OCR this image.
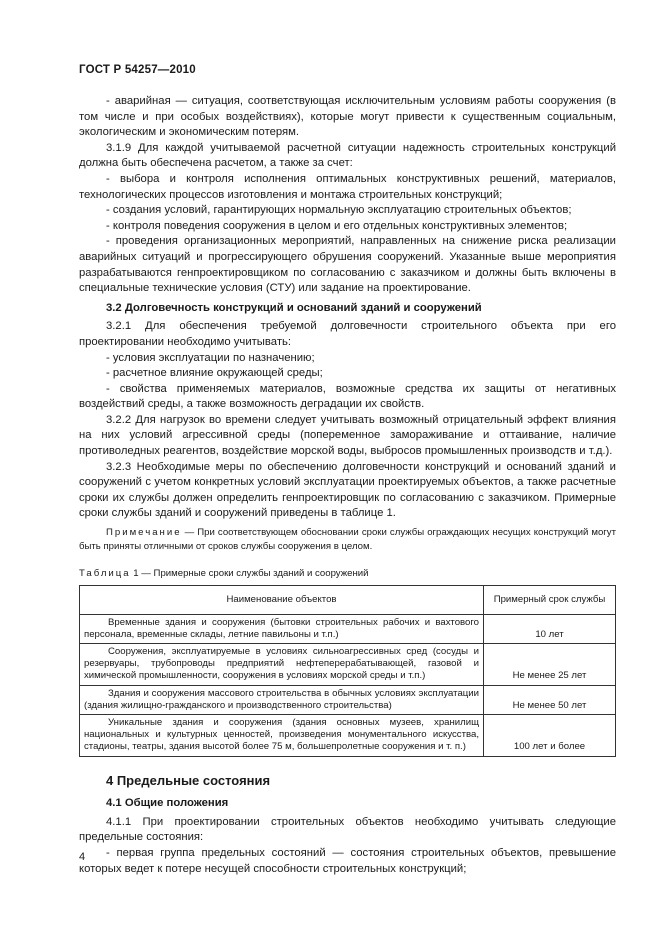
ГОСТ Р 54257—2010

- аварийная — ситуация, соответствующая исключительным условиям работы сооружения (в том числе и при особых воздействиях), которые могут привести к существенным социальным, экологическим и экономическим потерям.

3.1.9 Для каждой учитываемой расчетной ситуации надежность строительных конструкций должна быть обеспечена расчетом, а также за счет:

- выбора и контроля исполнения оптимальных конструктивных решений, материалов, технологических процессов изготовления и монтажа строительных конструкций;

- создания условий, гарантирующих нормальную эксплуатацию строительных объектов;

- контроля поведения сооружения в целом и его отдельных конструктивных элементов;

- проведения организационных мероприятий, направленных на снижение риска реализации аварийных ситуаций и прогрессирующего обрушения сооружений. Указанные выше мероприятия разрабатываются генпроектировщиком по согласованию с заказчиком и должны быть включены в специальные технические условия (СТУ) или задание на проектирование.

3.2 Долговечность конструкций и оснований зданий и сооружений

3.2.1 Для обеспечения требуемой долговечности строительного объекта при его проектировании необходимо учитывать:

- условия эксплуатации по назначению;

- расчетное влияние окружающей среды;

- свойства применяемых материалов, возможные средства их защиты от негативных воздействий среды, а также возможность деградации их свойств.

3.2.2 Для нагрузок во времени следует учитывать возможный отрицательный эффект влияния на них условий агрессивной среды (попеременное замораживание и оттаивание, наличие противоледных реагентов, воздействие морской воды, выбросов промышленных производств и т.д.).

3.2.3 Необходимые меры по обеспечению долговечности конструкций и оснований зданий и сооружений с учетом конкретных условий эксплуатации проектируемых объектов, а также расчетные сроки их службы должен определить генпроектировщик по согласованию с заказчиком. Примерные сроки службы зданий и сооружений приведены в таблице 1.

Примечание — При соответствующем обосновании сроки службы ограждающих несущих конструкций могут быть приняты отличными от сроков службы сооружения в целом.

Таблица 1 — Примерные сроки службы зданий и сооружений

Наименование объектов	Примерный срок службы
Временные здания и сооружения (бытовки строительных рабочих и вахтового персонала, временные склады, летние павильоны и т.п.)	10 лет
Сооружения, эксплуатируемые в условиях сильноагрессивных сред (сосуды и резервуары, трубопроводы предприятий нефтеперерабатывающей, газовой и химической промышленности, сооружения в условиях морской среды и т.п.)	Не менее 25 лет
Здания и сооружения массового строительства в обычных условиях эксплуатации (здания жилищно-гражданского и производственного строительства)	Не менее 50 лет
Уникальные здания и сооружения (здания основных музеев, хранилищ национальных и культурных ценностей, произведения монументального искусства, стадионы, театры, здания высотой более 75 м, большепролетные сооружения и т. п.)	100 лет и более

4 Предельные состояния

4.1 Общие положения

4.1.1 При проектировании строительных объектов необходимо учитывать следующие предельные состояния:

- первая группа предельных состояний — состояния строительных объектов, превышение которых ведет к потере несущей способности строительных конструкций;

4
